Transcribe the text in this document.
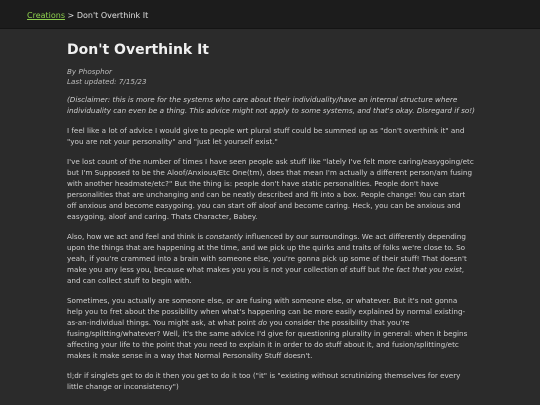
Creations > Don't Overthink It
Don't Overthink It
By Phosphor
Last updated: 7/15/23

(Disclaimer: this is more for the systems who care about their individuality/have an internal structure where individuality can even be a thing. This advice might not apply to some systems, and that's okay. Disregard if so!)

I feel like a lot of advice I would give to people wrt plural stuff could be summed up as "don't overthink it" and "you are not your personality" and "just let yourself exist."

I've lost count of the number of times I have seen people ask stuff like "lately I've felt more caring/easygoing/etc but I'm Supposed to be the Aloof/Anxious/Etc One(tm), does that mean I'm actually a different person/am fusing with another headmate/etc?" But the thing is: people don't have static personalities. People don't have personalities that are unchanging and can be neatly described and fit into a box. People change! You can start off anxious and become easygoing. you can start off aloof and become caring. Heck, you can be anxious and easygoing, aloof and caring. Thats Character, Babey.

Also, how we act and feel and think is constantly influenced by our surroundings. We act differently depending upon the things that are happening at the time, and we pick up the quirks and traits of folks we're close to. So yeah, if you're crammed into a brain with someone else, you're gonna pick up some of their stuff! That doesn't make you any less you, because what makes you you is not your collection of stuff but the fact that you exist, and can collect stuff to begin with.

Sometimes, you actually are someone else, or are fusing with someone else, or whatever. But it's not gonna help you to fret about the possibility when what's happening can be more easily explained by normal existing-as-an-individual things. You might ask, at what point do you consider the possibility that you're fusing/splitting/whatever? Well, it's the same advice I'd give for questioning plurality in general: when it begins affecting your life to the point that you need to explain it in order to do stuff about it, and fusion/splitting/etc makes it make sense in a way that Normal Personality Stuff doesn't.

tl;dr if singlets get to do it then you get to do it too ("it" is "existing without scrutinizing themselves for every little change or inconsistency")
